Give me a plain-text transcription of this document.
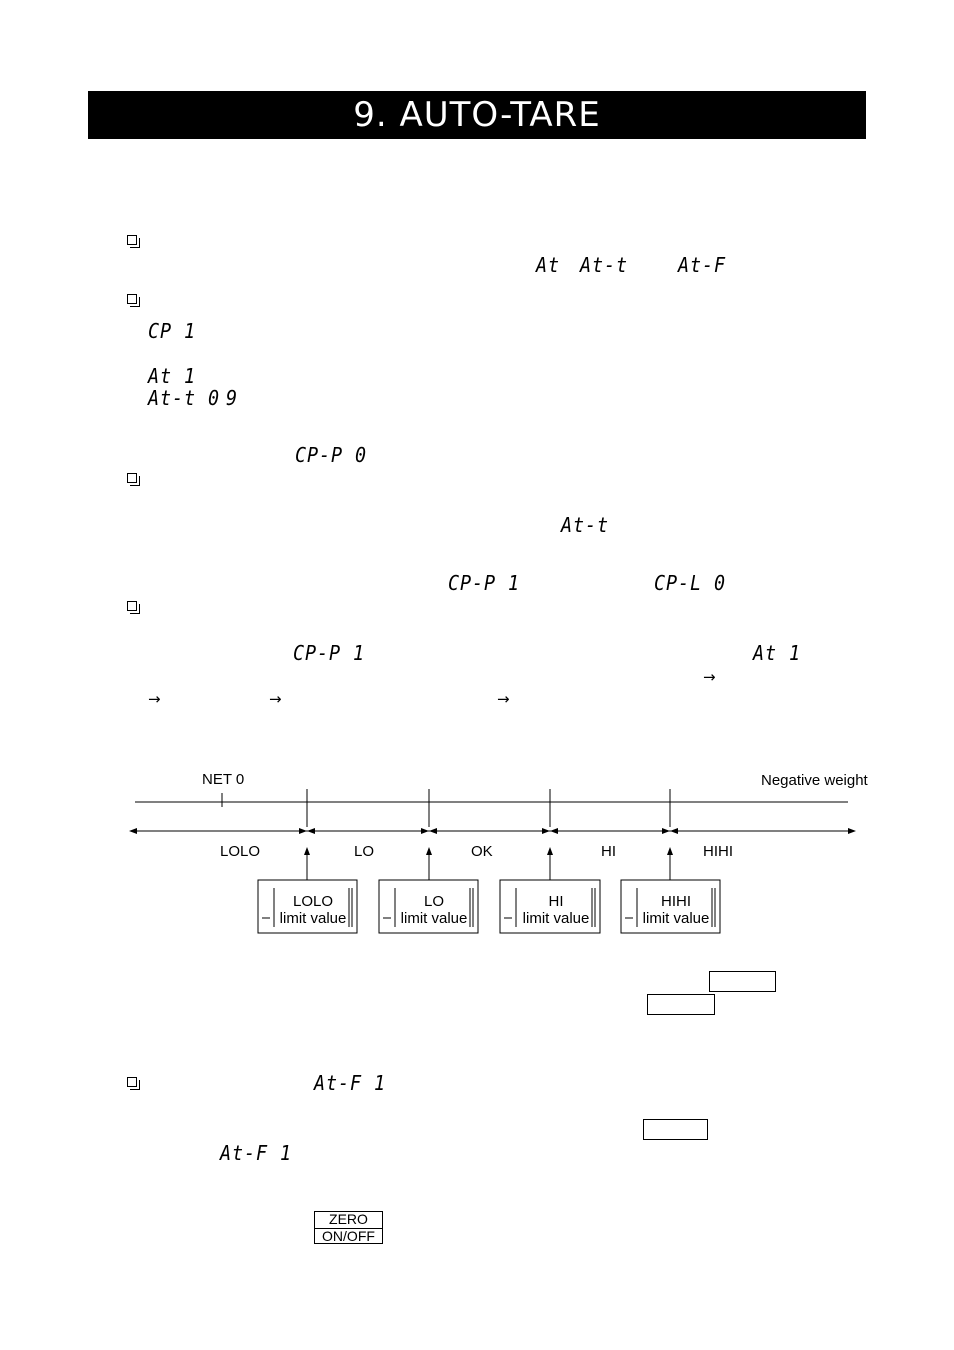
9. AUTO-TARE
At At-t	At-F
CP 1
At 1
At-t 0 9
CP-P 0
At-t
CP-P 1	CP-L 0
CP-P 1	At 1
→
→	→	→
NET 0	Negative weight
LOLO	LO	OK	HI	HIHI
LOLO
limit value
LO
limit value
HI
limit value
HIHI
limit value
At-F 1
At-F 1
ZERO
ON/OFF
